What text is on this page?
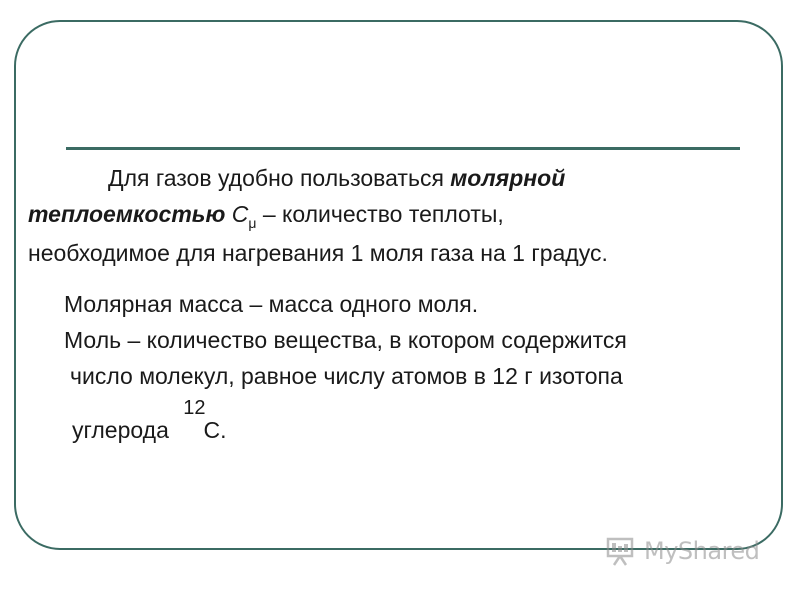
Для газов удобно пользоваться молярной
теплоемкостью $С_\mu$ – количество теплоты,
необходимое для нагревания 1 моля газа на 1 градус.
Молярная масса – масса одного моля.
Моль – количество вещества, в котором содержится
число молекул, равное числу атомов в 12 г изотопа
углерода 12С.
MyShared
